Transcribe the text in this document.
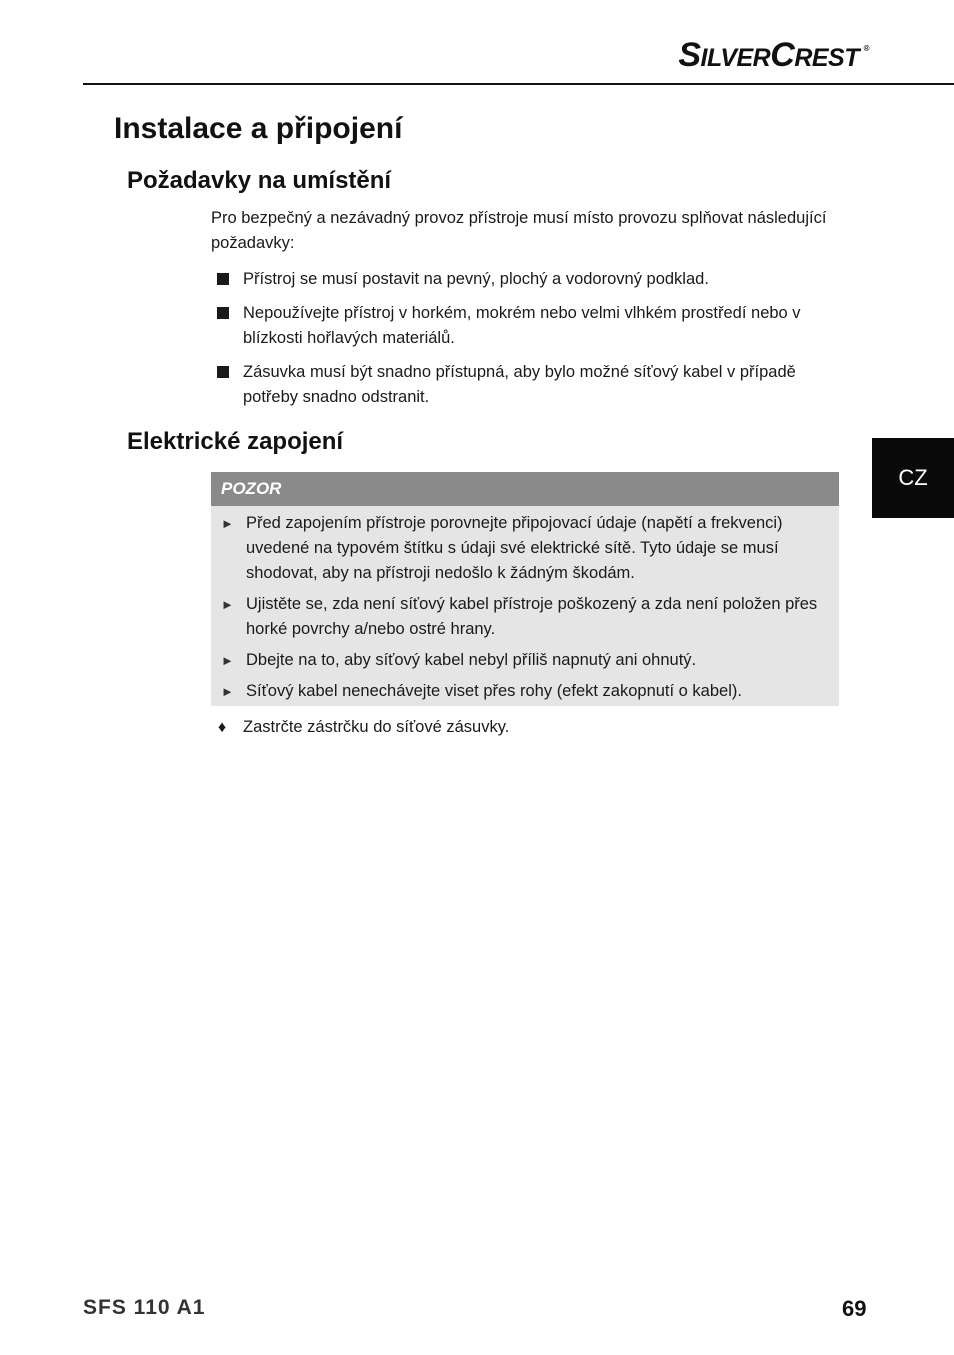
SILVERCREST ®
Instalace a připojení
Požadavky na umístění

Pro bezpečný a nezávadný provoz přístroje musí místo provozu splňovat následující požadavky:

Přístroj se musí postavit na pevný, plochý a vodorovný podklad.
Nepoužívejte přístroj v horkém, mokrém nebo velmi vlhkém prostředí nebo v blízkosti hořlavých materiálů.
Zásuvka musí být snadno přístupná, aby bylo možné síťový kabel v případě potřeby snadno odstranit.
Elektrické zapojení
POZOR
► Před zapojením přístroje porovnejte připojovací údaje (napětí a frekvenci) uvedené na typovém štítku s údaji své elektrické sítě. Tyto údaje se musí shodovat, aby na přístroji nedošlo k žádným škodám.
► Ujistěte se, zda není síťový kabel přístroje poškozený a zda není položen přes horké povrchy a/nebo ostré hrany.
► Dbejte na to, aby síťový kabel nebyl příliš napnutý ani ohnutý.
► Síťový kabel nenechávejte viset přes rohy (efekt zakopnutí o kabel).

♦ Zastrčte zástrčku do síťové zásuvky.

CZ

SFS 110 A1	69
